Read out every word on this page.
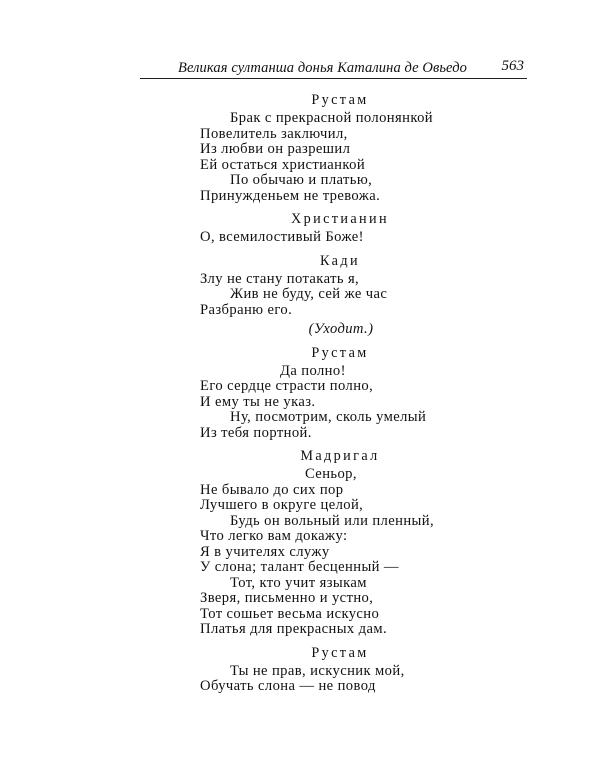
Великая султанша донья Каталина де Овьедо 563
Рустам
Брак с прекрасной полонянкой
Повелитель заключил,
Из любви он разрешил
Ей остаться христианкой
По обычаю и платью,
Принужденьем не тревожа.
Христианин
О, всемилостивый Боже!
Кади
Злу не стану потакать я,
Жив не буду, сей же час
Разбраню его.
(Уходит.)
Рустам
Да полно!
Его сердце страсти полно,
И ему ты не указ.
Ну, посмотрим, сколь умелый
Из тебя портной.
Мадригал
Сеньор,
Не бывало до сих пор
Лучшего в округе целой,
Будь он вольный или пленный,
Что легко вам докажу:
Я в учителях служу
У слона; талант бесценный —
Тот, кто учит языкам
Зверя, письменно и устно,
Тот сошьет весьма искусно
Платья для прекрасных дам.
Рустам
Ты не прав, искусник мой,
Обучать слона — не повод
